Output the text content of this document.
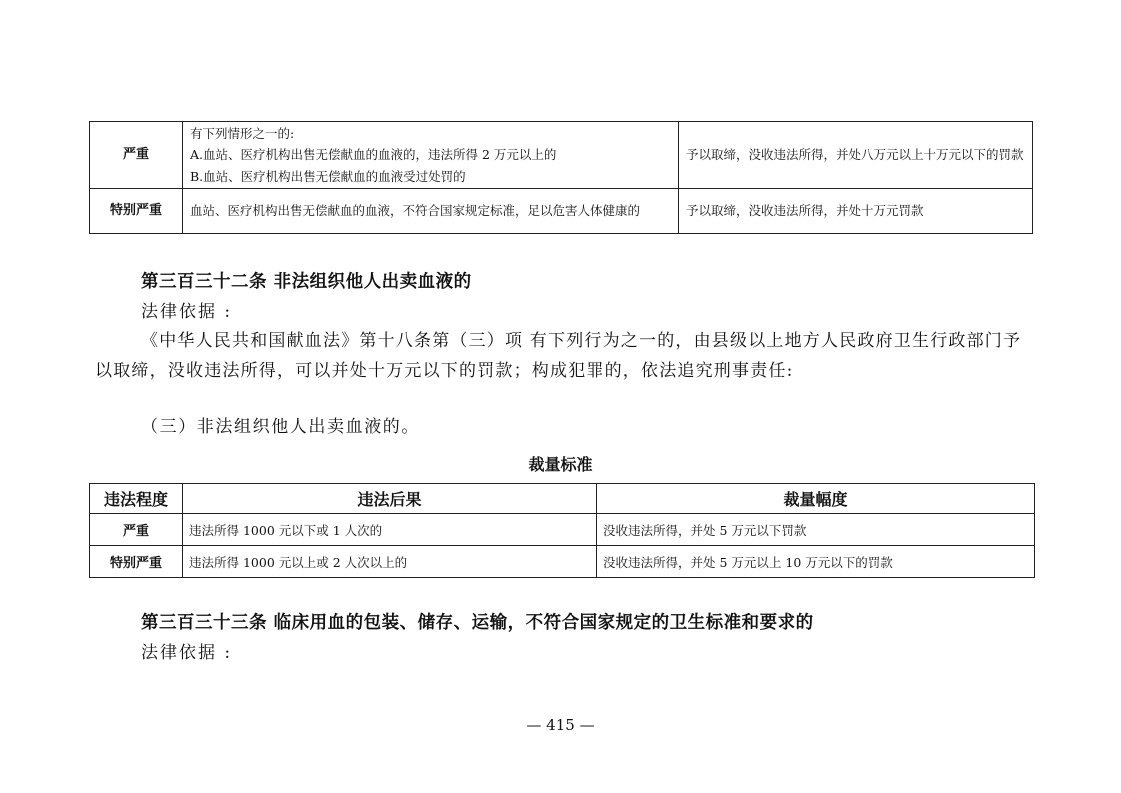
严重	有下列情形之一的:
A.血站、医疗机构出售无偿献血的血液的，违法所得 2 万元以上的
B.血站、医疗机构出售无偿献血的血液受过处罚的	予以取缔，没收违法所得，并处八万元以上十万元以下的罚款
特别严重	血站、医疗机构出售无偿献血的血液，不符合国家规定标准，足以危害人体健康的	予以取缔，没收违法所得，并处十万元罚款
第三百三十二条 非法组织他人出卖血液的
法律依据 :
《中华人民共和国献血法》第十八条第（三）项 有下列行为之一的，由县级以上地方人民政府卫生行政部门予以取缔，没收违法所得，可以并处十万元以下的罚款；构成犯罪的，依法追究刑事责任:
（三）非法组织他人出卖血液的。
裁量标准
违法程度	违法后果	裁量幅度
严重	违法所得 1000 元以下或 1 人次的	没收违法所得，并处 5 万元以下罚款
特别严重	违法所得 1000 元以上或 2 人次以上的	没收违法所得，并处 5 万元以上 10 万元以下的罚款
第三百三十三条 临床用血的包装、储存、运输，不符合国家规定的卫生标准和要求的
法律依据 :
— 415 —
